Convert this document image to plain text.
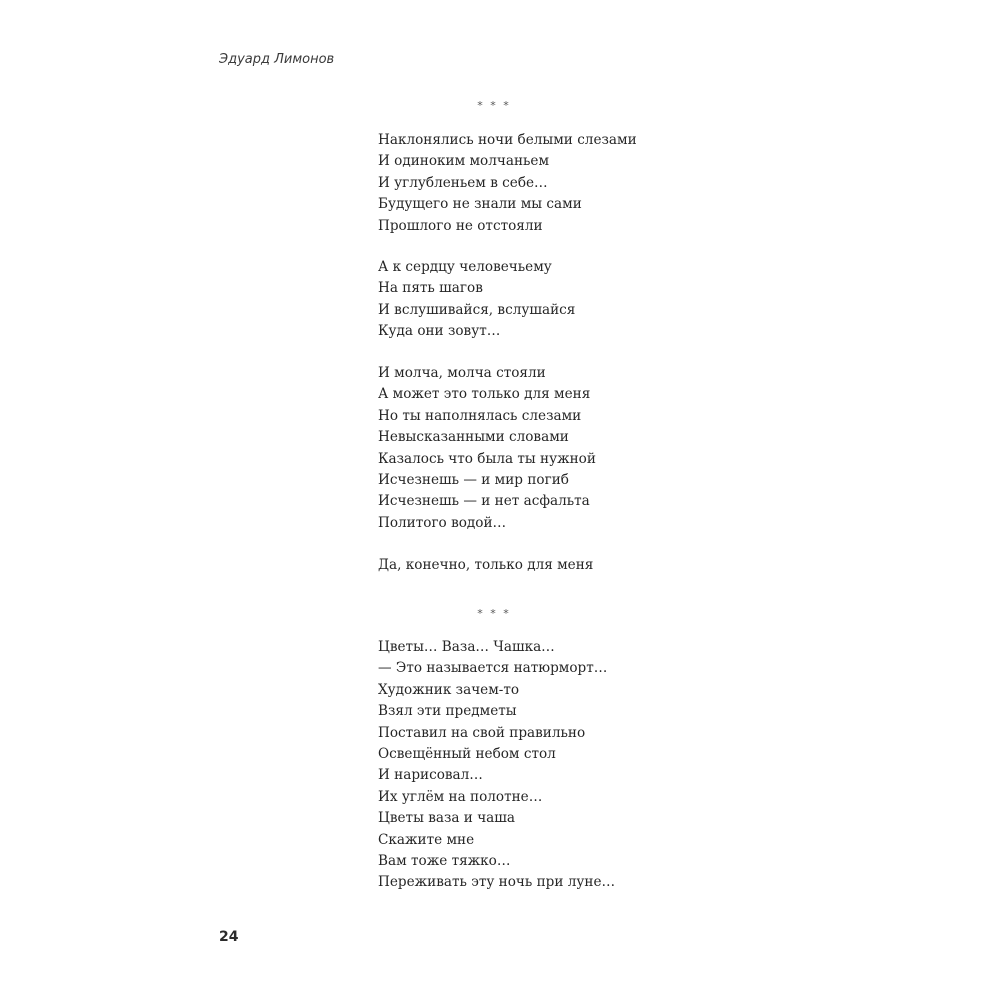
Эдуард Лимонов
* * *
Наклонялись ночи белыми слезами
И одиноким молчаньем
И углубленьем в себе…
Будущего не знали мы сами
Прошлого не отстояли
А к сердцу человечьему
На пять шагов
И вслушивайся, вслушайся
Куда они зовут…
И молча, молча стояли
А может это только для меня
Но ты наполнялась слезами
Невысказанными словами
Казалось что была ты нужной
Исчезнешь — и мир погиб
Исчезнешь — и нет асфальта
Политого водой…
Да, конечно, только для меня
* * *
Цветы… Ваза… Чашка…
— Это называется натюрморт…
Художник зачем-то
Взял эти предметы
Поставил на свой правильно
Освещённый небом стол
И нарисовал…
Их углём на полотне…
Цветы ваза и чаша
Скажите мне
Вам тоже тяжко…
Переживать эту ночь при луне…
24
